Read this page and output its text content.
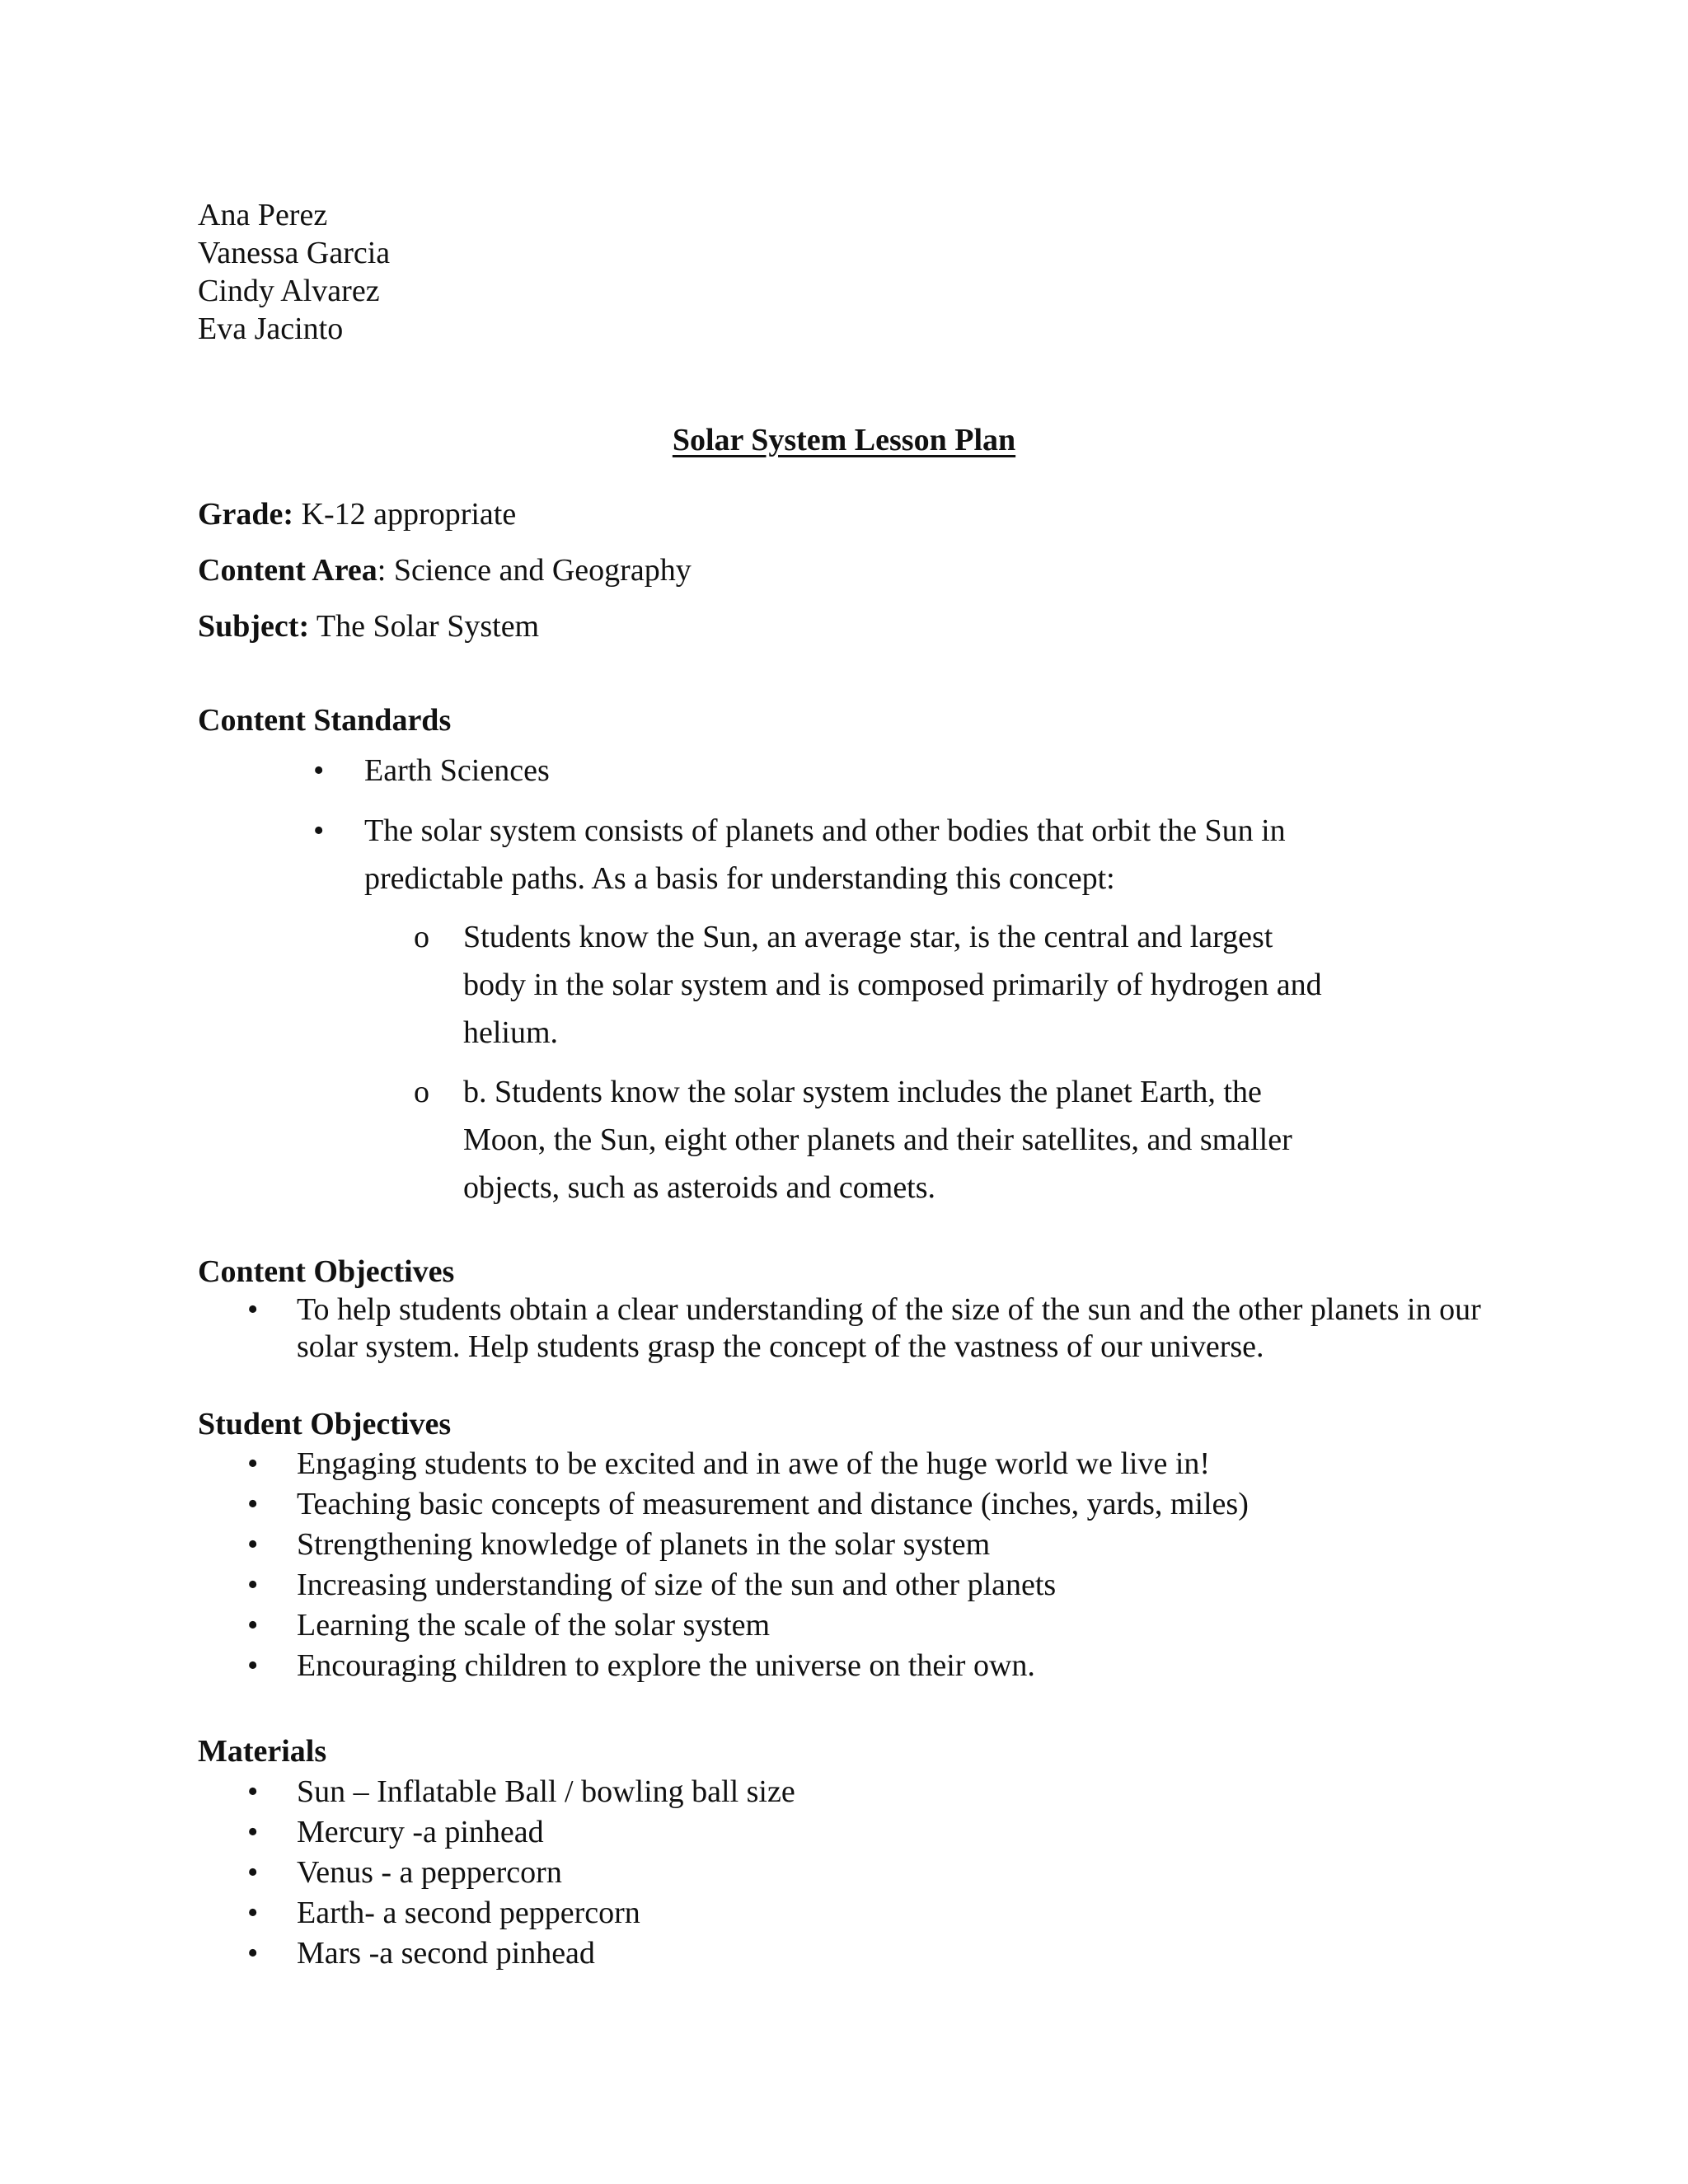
Ana Perez
Vanessa Garcia
Cindy Alvarez
Eva Jacinto
Solar System Lesson Plan
Grade: K-12 appropriate
Content Area: Science and Geography
Subject: The Solar System
Content Standards
• Earth Sciences
• The solar system consists of planets and other bodies that orbit the Sun in predictable paths. As a basis for understanding this concept:
o Students know the Sun, an average star, is the central and largest body in the solar system and is composed primarily of hydrogen and helium.
o b. Students know the solar system includes the planet Earth, the Moon, the Sun, eight other planets and their satellites, and smaller objects, such as asteroids and comets.
Content Objectives
• To help students obtain a clear understanding of the size of the sun and the other planets in our solar system. Help students grasp the concept of the vastness of our universe.
Student Objectives
• Engaging students to be excited and in awe of the huge world we live in!
• Teaching basic concepts of measurement and distance (inches, yards, miles)
• Strengthening knowledge of planets in the solar system
• Increasing understanding of size of the sun and other planets
• Learning the scale of the solar system
• Encouraging children to explore the universe on their own.
Materials
• Sun – Inflatable Ball / bowling ball size
• Mercury -a pinhead
• Venus - a peppercorn
• Earth- a second peppercorn
• Mars -a second pinhead
